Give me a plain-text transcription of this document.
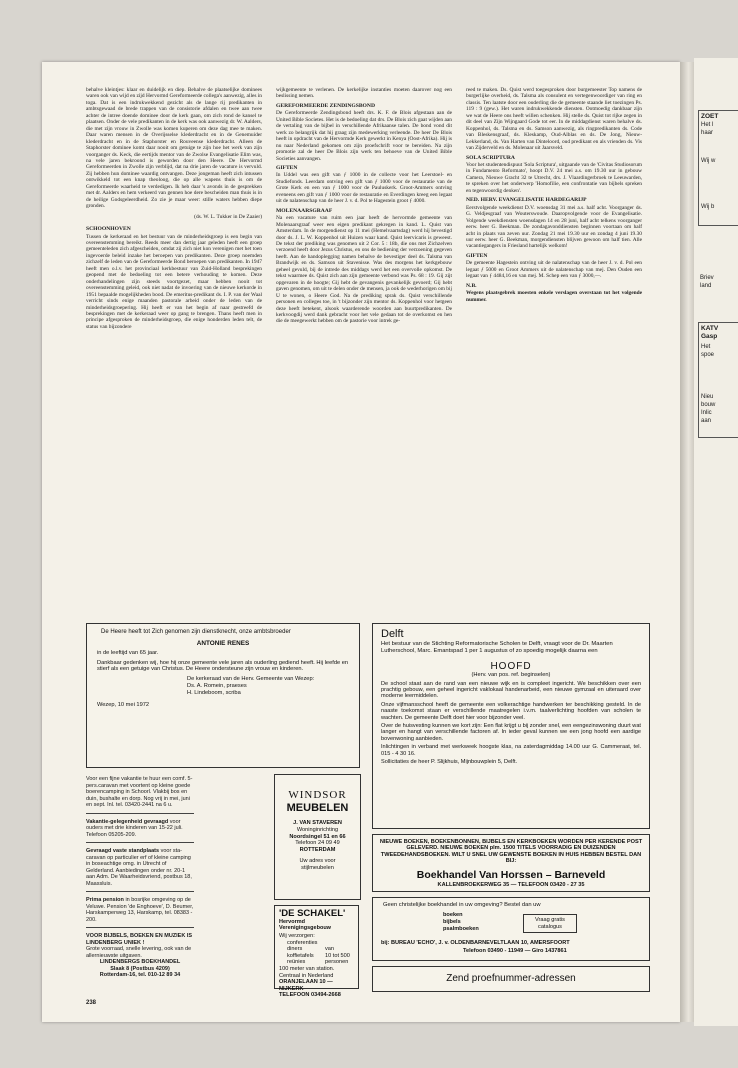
behalve kleintjes: klaar en duidelijk en diep. Behalve de plaatselijke dominees waren ook van wijd en zijd Hervormd Gereformeerde collega's aanwezig, alles in toga. Dat is een indrukwekkend gezicht als de lange rij predikanten in ambtsgewaad de brede trappen van de consistorie afdalen en twee aan twee achter de intree doende dominee door de kerk gaan, om zich rond de kansel te plaatsen. Onder de vele predikanten in de kerk was ook aanwezig dr. W. Aalders, die met zijn vrouw in Zwolle was komen kuperen om deze dag mee te maken. Daar waren mensen in de Overijsselse klederdracht en in de Genemuider klederdracht en in de Staphorster en Rouveense klederdracht. Alleen de Staphorster dominee komt daar nooit om getuige te zijn hoe het werk van zijn voorganger ds. Keck, die eertijds mentor van de Zwolse Evangelisatie Elim was, na vele jaren bekroond is geworden door den Heere. De Hervormd Gereformeerden in Zwolle zijn verblijd, dat na drie jaren de vacature is vervuld. Zij hebben hun dominee waardig ontvangen. Deze jongeman heeft zich intussen ontwikkeld tot een knap theoloog, die op alle wapens thuis is om de Gereformeerde waarheid te verdedigen. Ik heb daar 's avonds in de gesprekken met dr. Aalders en hem verkeerd van gennen hoe dere bescheiden man thuis is in de heilige Godsgeleerdheid. Zo zie je maar weer: stille waters hebben diepe gronden.

(ds. W. L. Tukker in De Zaaier)

SCHOONHOVEN

Tussen de kerkeraad en het bestuur van de minderheidsgroep is een begin van overeenstemming bereikt. Reeds meer dan dertig jaar geleden heeft een groep gemeenteleden zich afgescheiden, omdat zij zich niet kon verenigen met het toen ingevoerde beleid inzake het beroepen van predikanten. Deze groep noemden zichzelf de leden van de Gereformeerde Bond beroepen van predikanten. In 1947 heeft men o.l.v. het provinciaal kerkbestuur van Zuid-Holland besprekingen geopend met de bedoeling tot een betere verhouding te komen. Deze onderhandelingen zijn steeds voortgezet, maar hebben nooit tot overeenstemming geleid, ook niet nadat de invoering van de nieuwe kerkorde in 1951 bepaalde mogelijkheden bood. De emeritus-predikant ds. I. P. van der Waal verricht sinds enige maanden pastorale arbeid onder de leden van de minderheidsgroepering. Hij heeft er van het begin af naar gestreefd de besprekingen met de kerkeraad weer op gang te brengen. Thans heeft men in principe afgesproken de minderheidsgroep, die enige honderden leden telt, de status van bijzondere

wijkgemeente te verlenen. De kerkelijke instanties moeten daarover nog een beslissing nemen.

GEREFORMEERDE ZENDINGSBOND

De Gereformeerde Zendingsbond heeft drs. K. F. de Blois afgestaan aan de United Bible Societes. Het is de bedoeling dat drs. De Blois zich gaat wijden aan de vertaling van de bijbel in verschillende Afrikaanse talen. De bond vond dit werk zo belangrijk dat hij graag zijn medewerking verleende. De heer De Blois heeft in opdracht van de Hervormde Kerk gewerkt in Kenya (Oost-Afrika). Hij is nu naar Nederland gekomen om zijn proefschrift voor te bereiden. Na zijn promotie zal de heer De Blois zijn werk ten behoeve van de United Bible Societies aanvangen.

GIFTEN

In Uddel was een gift van ƒ 1000 in de collecte voor het Leerstoel- en Studiefonds. Leerdam ontving een gift van ƒ 1000 voor de restauratie van de Grote Kerk en een van ƒ 1000 voor de Pauluskerk. Groot-Ammers ontving eveneens een gift van ƒ 1000 voor de restauratie en Everdingen kreeg een legaat uit de nalatenschap van de heer J. v. d. Pol te Hagestein groot ƒ 4000.

MOLENAARSGRAAF

Na een vacature van ruim een jaar heeft de hervormde gemeente van Molenaarsgraaf weer een eigen predikant gekregen in kand. L. Quist van Amsterdam. In de morgendienst op 11 mei (Hemelvaartsdag) werd hij bevestigd door ds. J. L. W. Koppenhol uit Huizen waar kand. Quist leervicaris is geweest. De tekst der prediking was genomen uit 2 Cor. 5 : 18b, die ons met Zichzelven verzoend heeft door Jezus Christus, en ons de bediening der verzoening gegeven heeft. Aan de handoplegging namen behalve de bevestiger deel ds. Talsma van Brandwijk en ds. Samson uit Stavenisse. Was des morgens het kerkgebouw geheel gevuld, bij de intrede des middags werd het een overvolle opkomst. De tekst waarmee ds. Quist zich aan zijn gemeente verbond was Ps. 68 : 19. Gij zijt opgevaren in de hoogte; Gij hebt de gevangenis gevankelijk gevoerd; Gij hebt gaven genomen, om uit te delen onder de mensen, ja ook de wederhorigen om bij U te wonen, o Heere God. Na de prediking sprak ds. Quist verschillende personen en colleges toe, in 't bijzonder zijn mentor ds. Koppenhol voor hetgeen deze heeft betekent, alsook waarderende woorden aan buurtpredikanten. De kerkvoogdij werd dank gebracht voor het vele gedaan tot de overkomst en hen die de meegewerkt hebben om de pastorie voor intrek ge-

reed te maken. Ds. Quist werd toegesproken door burgemeester Top namens de burgerlijke overheid, ds. Talsma als consulent en vertegenwoordiger van ring en classis. Ten laatste door een ouderling die de gemeente staande liet toezingen Ps. 119 : 9 (gew.). Het waren indrukwekkende diensten. Ootmoedig dankbaar zijn we wat de Heere ons heeft willen schenken. Hij stelle ds. Quist tot rijke zegen in dit deel van Zijn Wijngaard Gode tot eer. In de middagdienst waren behalve ds. Koppenhol, ds. Talsma en ds. Samson aanwezig, als ringpredikanten ds. Code van Bleskensgraaf, ds. Kleskamp, Oud-Alblas en ds. De Jong, Nieuw-Lekkerland, ds. Van Harten van Dinteloord, oud predikant en als vrienden ds. Vis van Zijderveld en ds. Molenaar uit Jaarsveld.

SOLA SCRIPTURA

Voor het studentendispuut 'Sola Scriptura', uitgaande van de 'Civitas Studiosorum in Fundamento Reformato', hoopt D.V. 24 mei a.s. om 19.30 uur in gebouw Camera, Nieuwe Gracht 32 te Utrecht, drs. J. Vlaardingerbroek te Leeuwarden, te spreken over het onderwerp 'Homofilie, een confrontatie van bijbels spreken en tegenwoordig denken'.

NED. HERV. EVANGELISATIE HARDEGARIJP

Eerstvolgende weekdienst D.V. woensdag 31 mei a.s. half acht. Voorganger ds. G. Veldjesgraaf van Wouterswoude. Daaropvolgende voor de Evangelisatie. Volgende weekdiensten woensdagen 14 en 28 juni, half acht telkens voorganger eerw. heer G. Beekman. De zondagavonddiensten beginnen voortaan om half acht in plaats van zeven uur. Zondag 21 mei 19.30 uur en zondag 4 juni 19.30 uur eerw. heer G. Beekman, morgendiensten blijven gewoon om half tien. Alle vacantiegangers in Friesland hartelijk welkom!

GIFTEN

De gemeente Hagestein ontving uit de nalatenschap van de heer J. v. d. Pol een legaat ƒ 5000 en Groot Ammers uit de nalatenschap van mej. Den Ouden een legaat van ƒ 4484,16 en van mej. M. Schep een van ƒ 3000,—.

N.B.

Wegens plaatsgebrek moesten enkele verslagen overstaan tot het volgende nummer.

De Heere heeft tot Zich genomen zijn dienstknecht, onze ambtsbroeder

ANTONIE RENES

in de leeftijd van 65 jaar.

Dankbaar gedenken wij, hoe hij onze gemeente vele jaren als ouderling gediend heeft. Hij leefde en stierf als een getuige van Christus. De Heere ondersteune zijn vrouw en kinderen.

De kerkeraad van de Herv. Gemeente van Wezep:

Ds. A. Romein, praeses

H. Lindeboom, scriba

Wezep, 10 mei 1972

Delft

Het bestuur van de Stichting Reformatorische Scholen te Delft, vraagt voor de Dr. Maarten Lutherschool, Marc. Emantspad 1 per 1 augustus of zo spoedig mogelijk daarna een

HOOFD

(Herv. van pos. ref. beginselen)

De school staat aan de rand van een nieuwe wijk en is compleet ingericht. We beschikken over een prachtig gebouw, een geheel ingericht vaklokaal handenarbeid, een nieuwe gymzaal en uiteraard over moderne leermiddelen.

Onze vijfmansschool heeft de gemeente een volkerachtige handwerken ter beschikking gesteld. In de naaste toekomst staan er verschillende maatregelen i.v.m. taalverlichting hoofden van scholen te wachten. De gemeente Delft doet hier voor bijzonder veel.

Over de huisvesting kunnen we kort zijn: Een flat krijgt u bij zonder snel, een eengezinswoning duurt wat langer en hangt van verschillende factoren af. In ieder geval kunnen we een jong hoofd een aardige bovenwoning aanbieden.

Inlichtingen in verband met werkweek hoogste klas, na zaterdagmiddag 14.00 uur G. Cammeraat, tel. 015 - 4 30 16.

Sollicitaties de heer P. Slijkhuis, Mijnbouwplein 5, Delft.

Voor een fijne vakantie te huur een comf. 5-pers.caravan met voortent op kleine goede boerencamping in Schoorl. Vlakbij bos en duin, bushalte en dorp. Nog vrij in mei, juni en sept. Inl. tel. 03420-2441 na 6 u.
Vakantie-gelegenheid gevraagd voor ouders met drie kinderen van 15-22 juli. Telefoon 05205-209.
Gevraagd vaste standplaats voor sta-caravan op particulier erf of kleine camping in boseachtige omg. in Utrecht of Gelderland. Aanbiedingen onder nr. 20-1 aan Adm. De Waarheidsvriend, postbus 18, Maassluis.
Prima pension in bosrijke omgeving op de Veluwe. Pension 'de Enghoeve', D. Beumer, Harskamperweg 13, Harskamp, tel. 08383 - 200.
VOOR BIJBELS, BOEKEN EN MUZIEK IS LINDENBERG UNIEK !
Grote voorraad, snelle levering, ook van de allernieuwste uitgaven.
LINDENBERGS BOEKHANDEL
Slaak 8 (Postbus 4209)
Rotterdam-16, tel. 010-12 89 34
WINDSOR
MEUBELEN
J. VAN STAVEREN
Woninginrichting
Noordsingel 51 en 66
Telefoon 24 09 49
ROTTERDAM
Uw adres voor
stijlmeubelen
'DE SCHAKEL'
Hervormd Verenigingsgebouw
Wij verzorgen:
conferenties
diners	van
koffietafels 10 tot 500
reünies	personen
100 meter van station.
Centraal in Nederland
ORANJELAAN 10 — NIJKERK
TELEFOON 03494-2668

NIEUWE BOEKEN, BOEKENBONNEN, BIJBELS EN KERKBOEKEN WORDEN PER KERENDE POST GELEVERD. NIEUWE BOEKEN plm. 1500 TITELS VOORRADIG EN DUIZENDEN TWEEDEHANDSBOEKEN. WILT U SNEL UW GEWENSTE BOEKEN IN HUIS HEBBEN BESTEL DAN BIJ:

Boekhandel Van Horssen – Barneveld

KALLENBROEKERWEG 35 — TELEFOON 03420 - 27 35

Geen christelijke boekhandel in uw omgeving? Bestel dan uw

boeken
bijbels
psalmboeken
Vraag gratis
catalogus

bij: BUREAU 'ECHO', J. v. OLDENBARNEVELTLAAN 10, AMERSFOORT

Telefoon 03490 - 11949 — Giro 1437861

Zend proefnummer-adressen
238
ZOET
Het l
haar
Wij w
Wij b
Briev
land
KATV
Gasp
Het
spoe
Nieu
bouw
Inlic
aan
